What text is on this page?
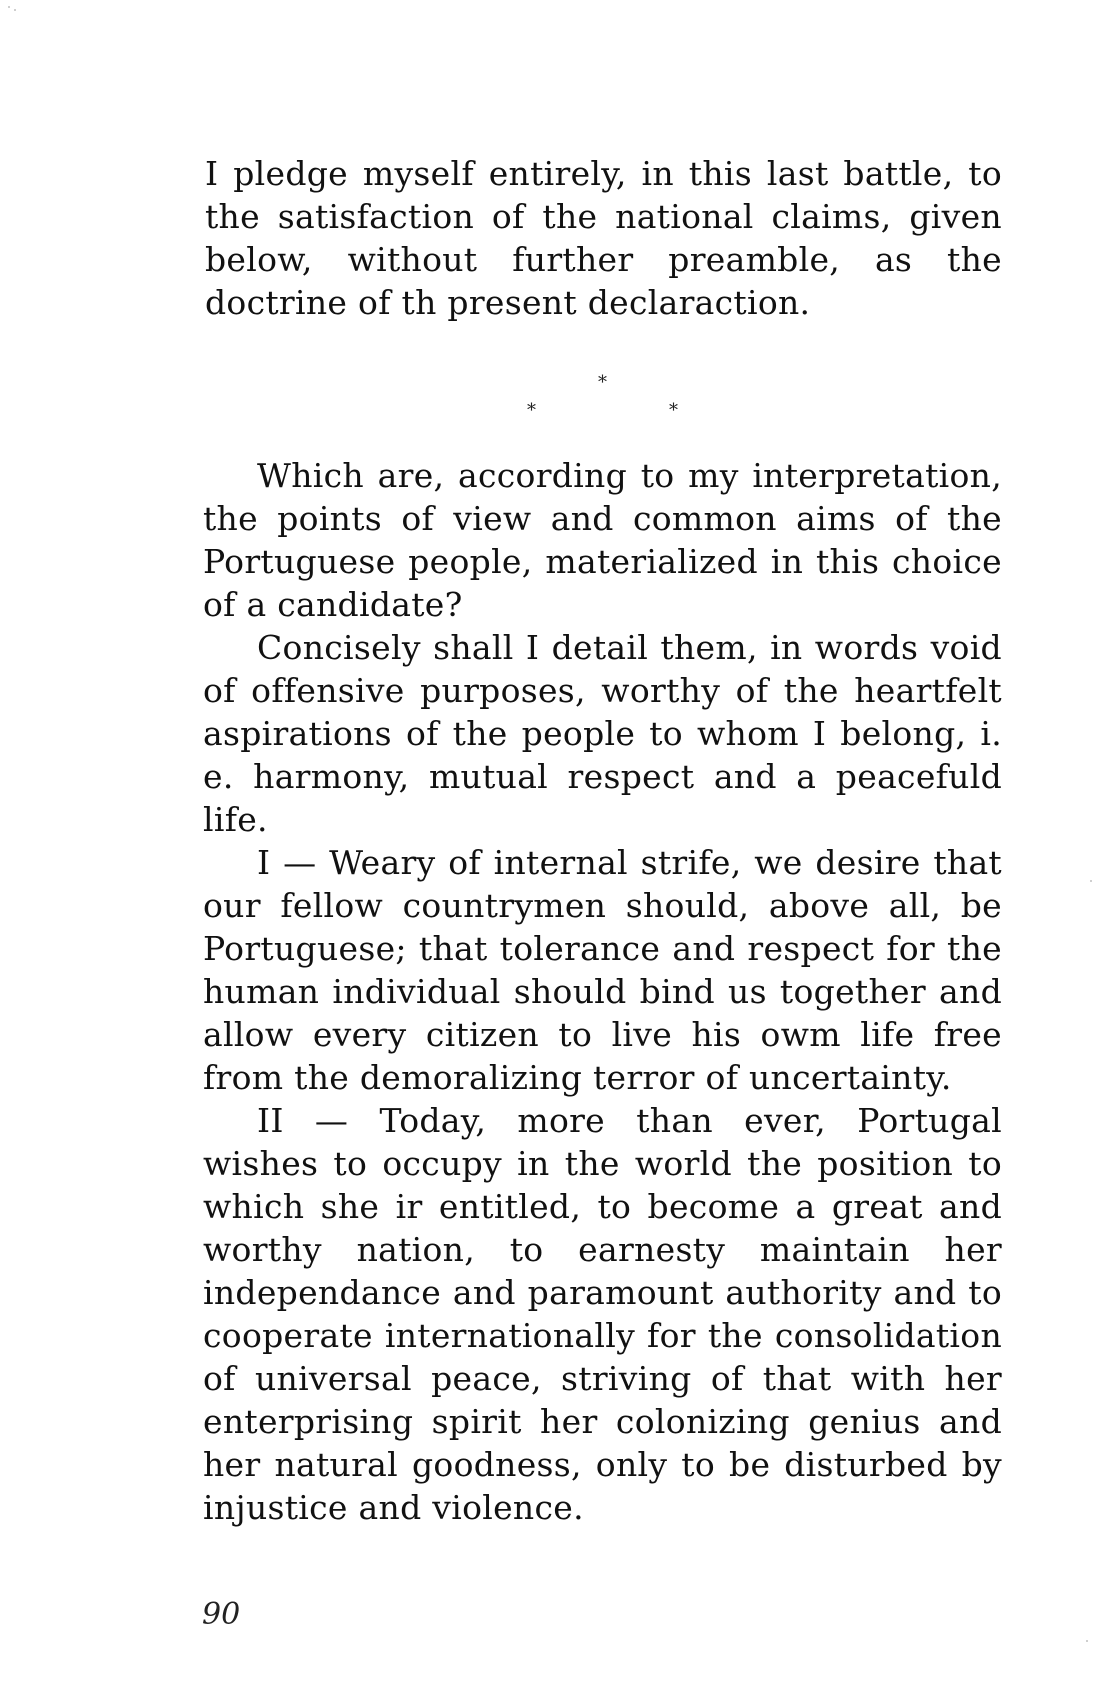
I pledge myself entirely, in this last battle, to the satisfaction of the national claims, given below, without further preamble, as the doctrine of th present declaraction.

*
*	*

Which are, according to my interpretation, the points of view and common aims of the Portuguese people, materialized in this choice of a candidate?

Concisely shall I detail them, in words void of offensive purposes, worthy of the heartfelt aspirations of the people to whom I belong, i. e. harmony, mutual respect and a peacefuld life.

I — Weary of internal strife, we desire that our fellow countrymen should, above all, be Portuguese; that tolerance and respect for the human individual should bind us together and allow every citizen to live his owm life free from the demoralizing terror of uncertainty.

II — Today, more than ever, Portugal wishes to occupy in the world the position to which she ir entitled, to become a great and worthy nation, to earnesty maintain her independance and paramount authority and to cooperate internationally for the consolidation of universal peace, striving of that with her enterprising spirit her colonizing genius and her natural goodness, only to be disturbed by injustice and violence.

90
